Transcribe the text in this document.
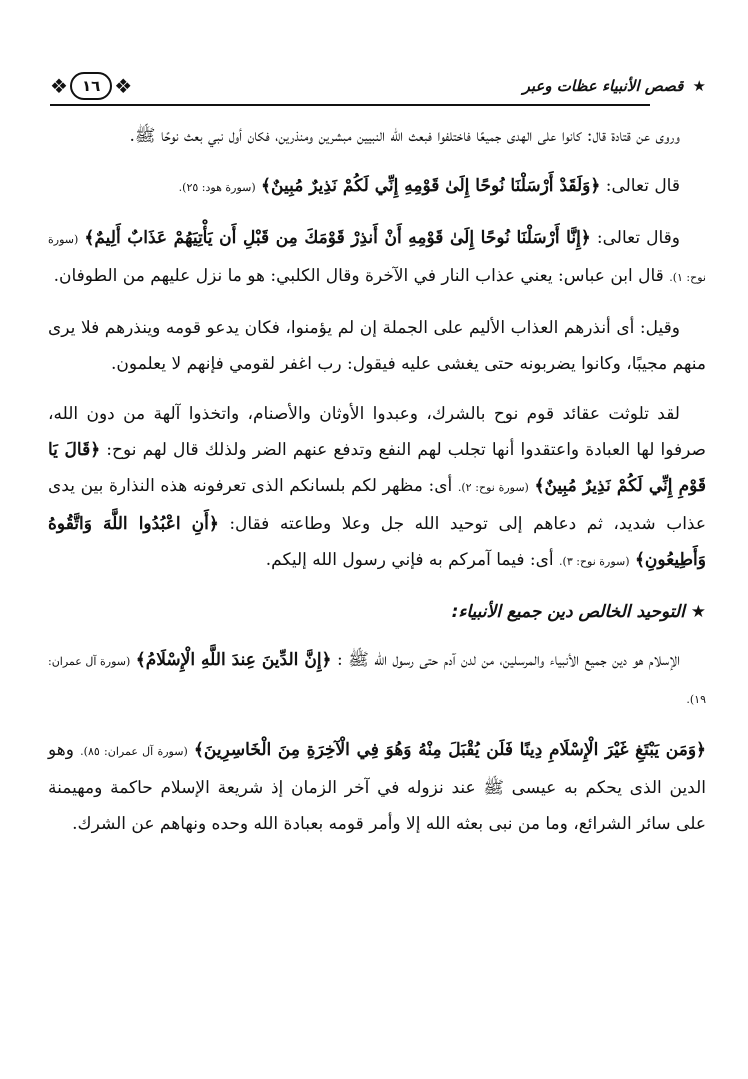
❖ ١٦ ❖	★ قصص الأنبياء عظات وعبر

وروى عن قتادة قال: كانوا على الهدى جميعًا فاختلفوا فبعث الله النبيين مبشرين ومنذرين، فكان أول نبي بعث نوحًا ﷺ.

قال تعالى: ﴿وَلَقَدْ أَرْسَلْنَا نُوحًا إِلَىٰ قَوْمِهِ إِنِّي لَكُمْ نَذِيرٌ مُبِينٌ﴾ (سورة هود: ٢٥).

وقال تعالى: ﴿إِنَّا أَرْسَلْنَا نُوحًا إِلَىٰ قَوْمِهِ أَنْ أَنذِرْ قَوْمَكَ مِن قَبْلِ أَن يَأْتِيَهُمْ عَذَابٌ أَلِيمٌ﴾ (سورة نوح: ١). قال ابن عباس: يعني عذاب النار في الآخرة وقال الكلبي: هو ما نزل عليهم من الطوفان.

وقيل: أى أنذرهم العذاب الأليم على الجملة إن لم يؤمنوا، فكان يدعو قومه وينذرهم فلا يرى منهم مجيبًا، وكانوا يضربونه حتى يغشى عليه فيقول: رب اغفر لقومي فإنهم لا يعلمون.

لقد تلوثت عقائد قوم نوح بالشرك، وعبدوا الأوثان والأصنام، واتخذوا آلهة من دون الله، صرفوا لها العبادة واعتقدوا أنها تجلب لهم النفع وتدفع عنهم الضر ولذلك قال لهم نوح: ﴿قَالَ يَا قَوْمِ إِنِّي لَكُمْ نَذِيرٌ مُبِينٌ﴾ (سورة نوح: ٢). أى: مظهر لكم بلسانكم الذى تعرفونه هذه النذارة بين يدى عذاب شديد، ثم دعاهم إلى توحيد الله جل وعلا وطاعته فقال: ﴿أَنِ اعْبُدُوا اللَّهَ وَاتَّقُوهُ وَأَطِيعُونِ﴾ (سورة نوح: ٣). أى: فيما آمركم به فإني رسول الله إليكم.

★ التوحيد الخالص دين جميع الأنبياء:

الإسلام هو دين جميع الأنبياء والمرسلين، من لدن آدم حتى رسول الله ﷺ : ﴿إِنَّ الدِّينَ عِندَ اللَّهِ الْإِسْلَامُ﴾ (سورة آل عمران: ١٩).

﴿وَمَن يَبْتَغِ غَيْرَ الْإِسْلَامِ دِينًا فَلَن يُقْبَلَ مِنْهُ وَهُوَ فِي الْآخِرَةِ مِنَ الْخَاسِرِينَ﴾ (سورة آل عمران: ٨٥). وهو الدين الذى يحكم به عيسى ﷺ عند نزوله في آخر الزمان إذ شريعة الإسلام حاكمة ومهيمنة على سائر الشرائع، وما من نبى بعثه الله إلا وأمر قومه بعبادة الله وحده ونهاهم عن الشرك.
